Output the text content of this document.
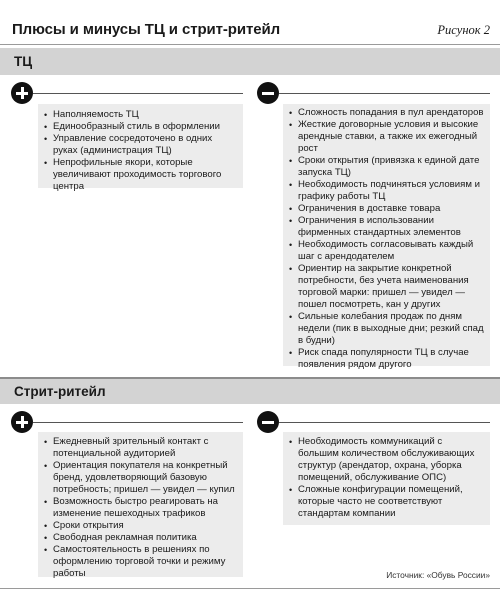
Плюсы и минусы ТЦ и стрит-ритейл	Рисунок 2
ТЦ
• Наполняемость ТЦ
• Единообразный стиль в оформлении
• Управление сосредоточено в одних руках (администрация ТЦ)
• Непрофильные якори, которые увеличивают проходимость торгового центра
• Сложность попадания в пул арендаторов
• Жесткие договорные условия и высокие арендные ставки, а также их ежегодный рост
• Сроки открытия (привязка к единой дате запуска ТЦ)
• Необходимость подчиняться условиям и графику работы ТЦ
• Ограничения в доставке товара
• Ограничения в использовании фирменных стандартных элементов
• Необходимость согласовывать каждый шаг с арендодателем
• Ориентир на закрытие конкретной потребности, без учета наименования торговой марки: пришел — увидел — пошел посмотреть, кан у других
• Сильные колебания продаж по дням недели (пик в выходные дни; резкий спад в будни)
• Риск спада популярности ТЦ в случае появления рядом другого
Стрит-ритейл
• Ежедневный зрительный контакт с потенциальной аудиторией
• Ориентация покупателя на конкретный бренд, удовлетворяющий базовую потребность; пришел — увидел — купил
• Возможность быстро реагировать на изменение пешеходных трафиков
• Сроки открытия
• Свободная рекламная политика
• Самостоятельность в решениях по оформлению торговой точки и режиму работы
• Необходимость коммуникаций с большим количеством обслуживающих структур (арендатор, охрана, уборка помещений, обслуживание ОПС)
• Сложные конфигурации помещений, которые часто не соответствуют стандартам компании
Источник: «Обувь России»
